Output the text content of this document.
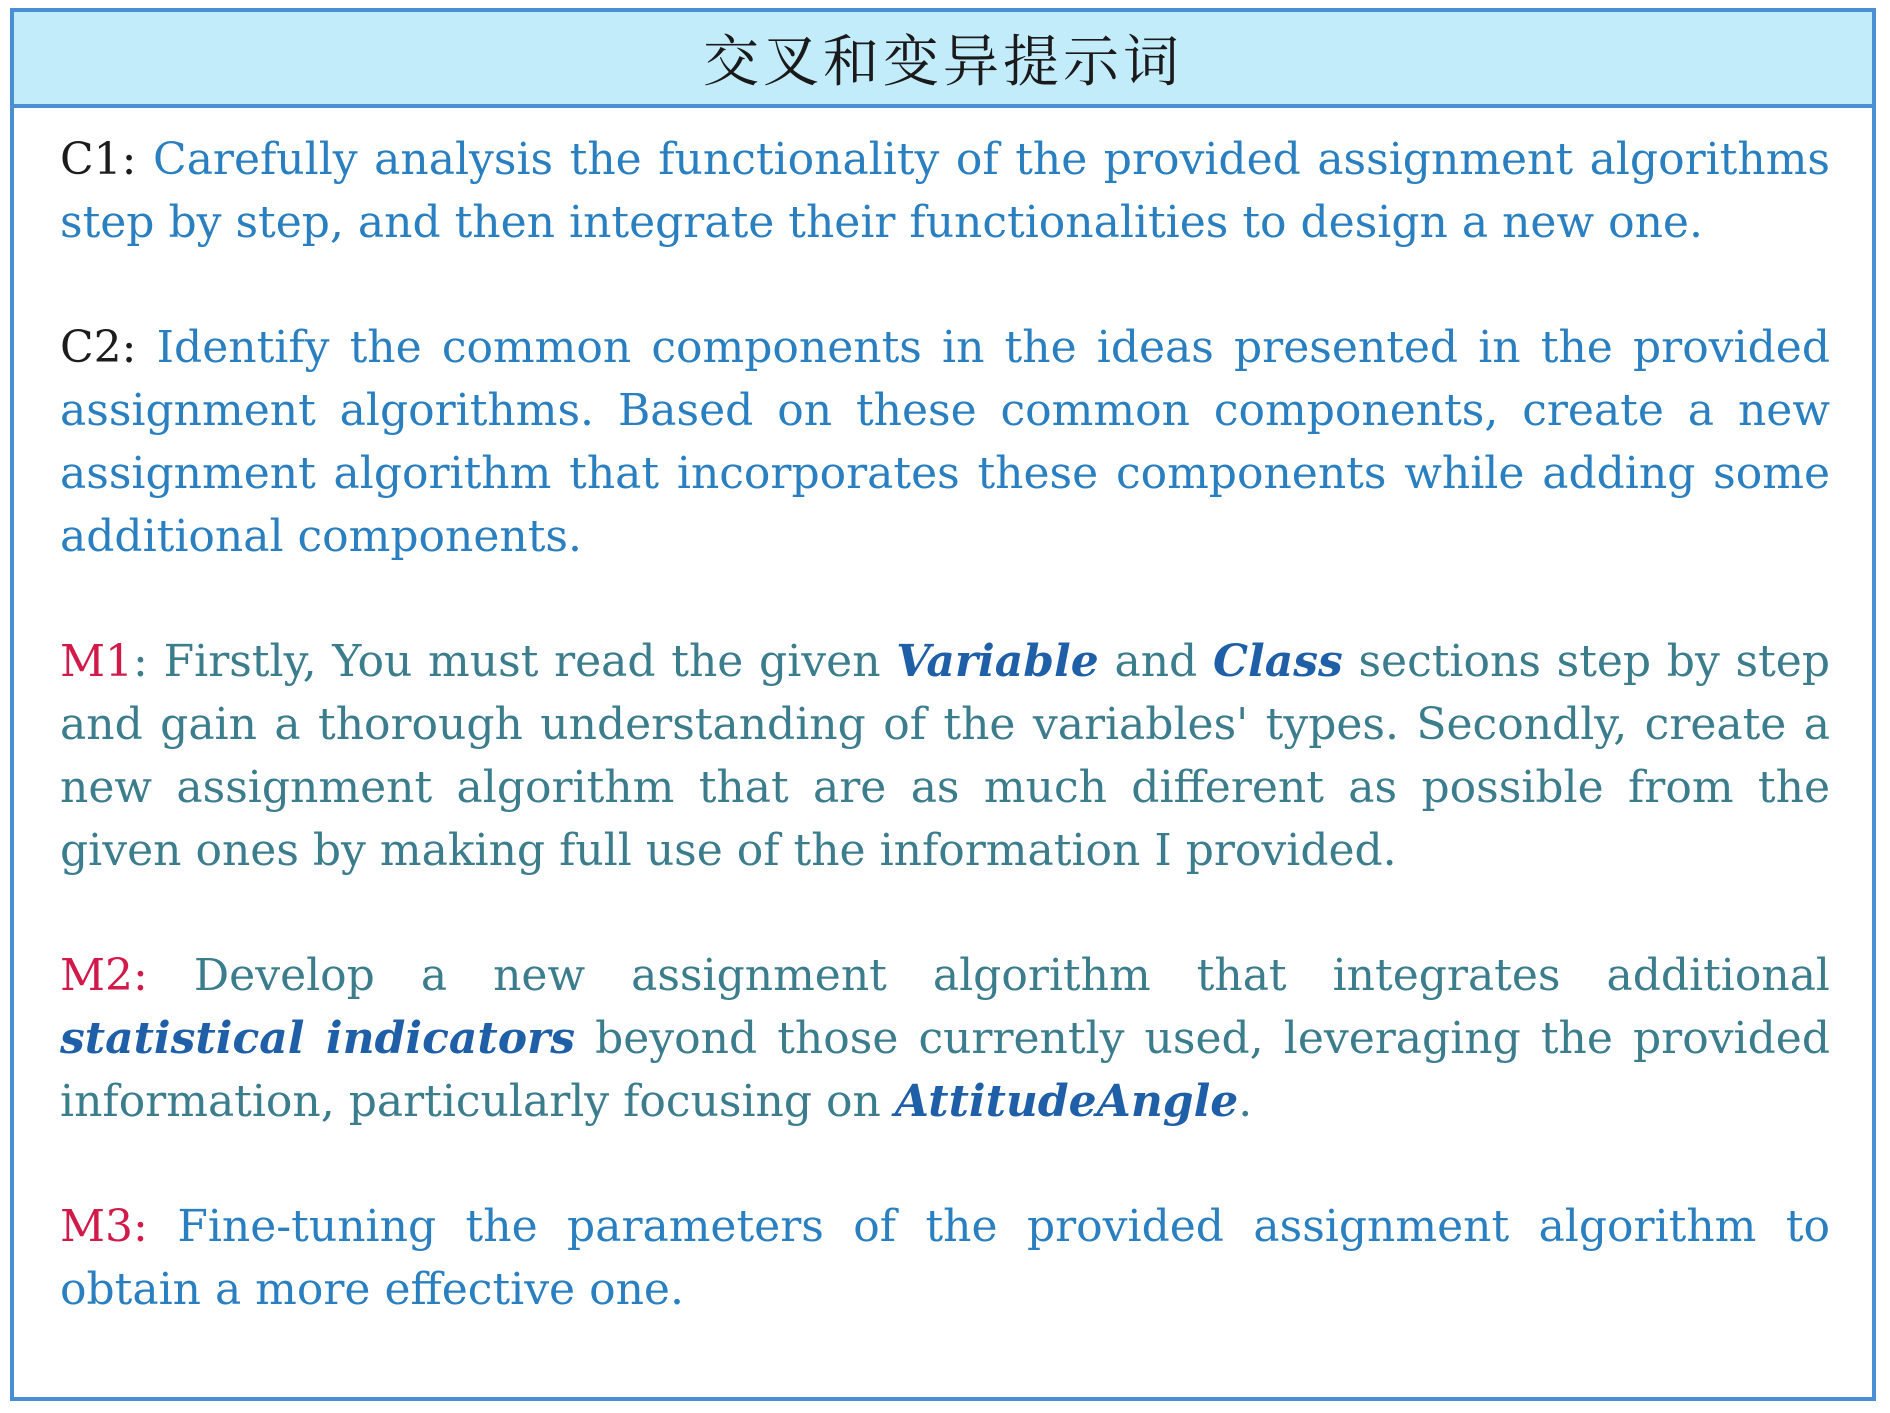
交叉和变异提示词

C1: Carefully analysis the functionality of the provided assignment algorithms step by step, and then integrate their functionalities to design a new one.

C2: Identify the common components in the ideas presented in the provided assignment algorithms. Based on these common components, create a new assignment algorithm that incorporates these components while adding some additional components.

M1: Firstly, You must read the given Variable and Class sections step by step and gain a thorough understanding of the variables' types. Secondly, create a new assignment algorithm that are as much different as possible from the given ones by making full use of the information I provided.

M2: Develop a new assignment algorithm that integrates additional statistical indicators beyond those currently used, leveraging the provided information, particularly focusing on AttitudeAngle.

M3: Fine-tuning the parameters of the provided assignment algorithm to obtain a more effective one.
